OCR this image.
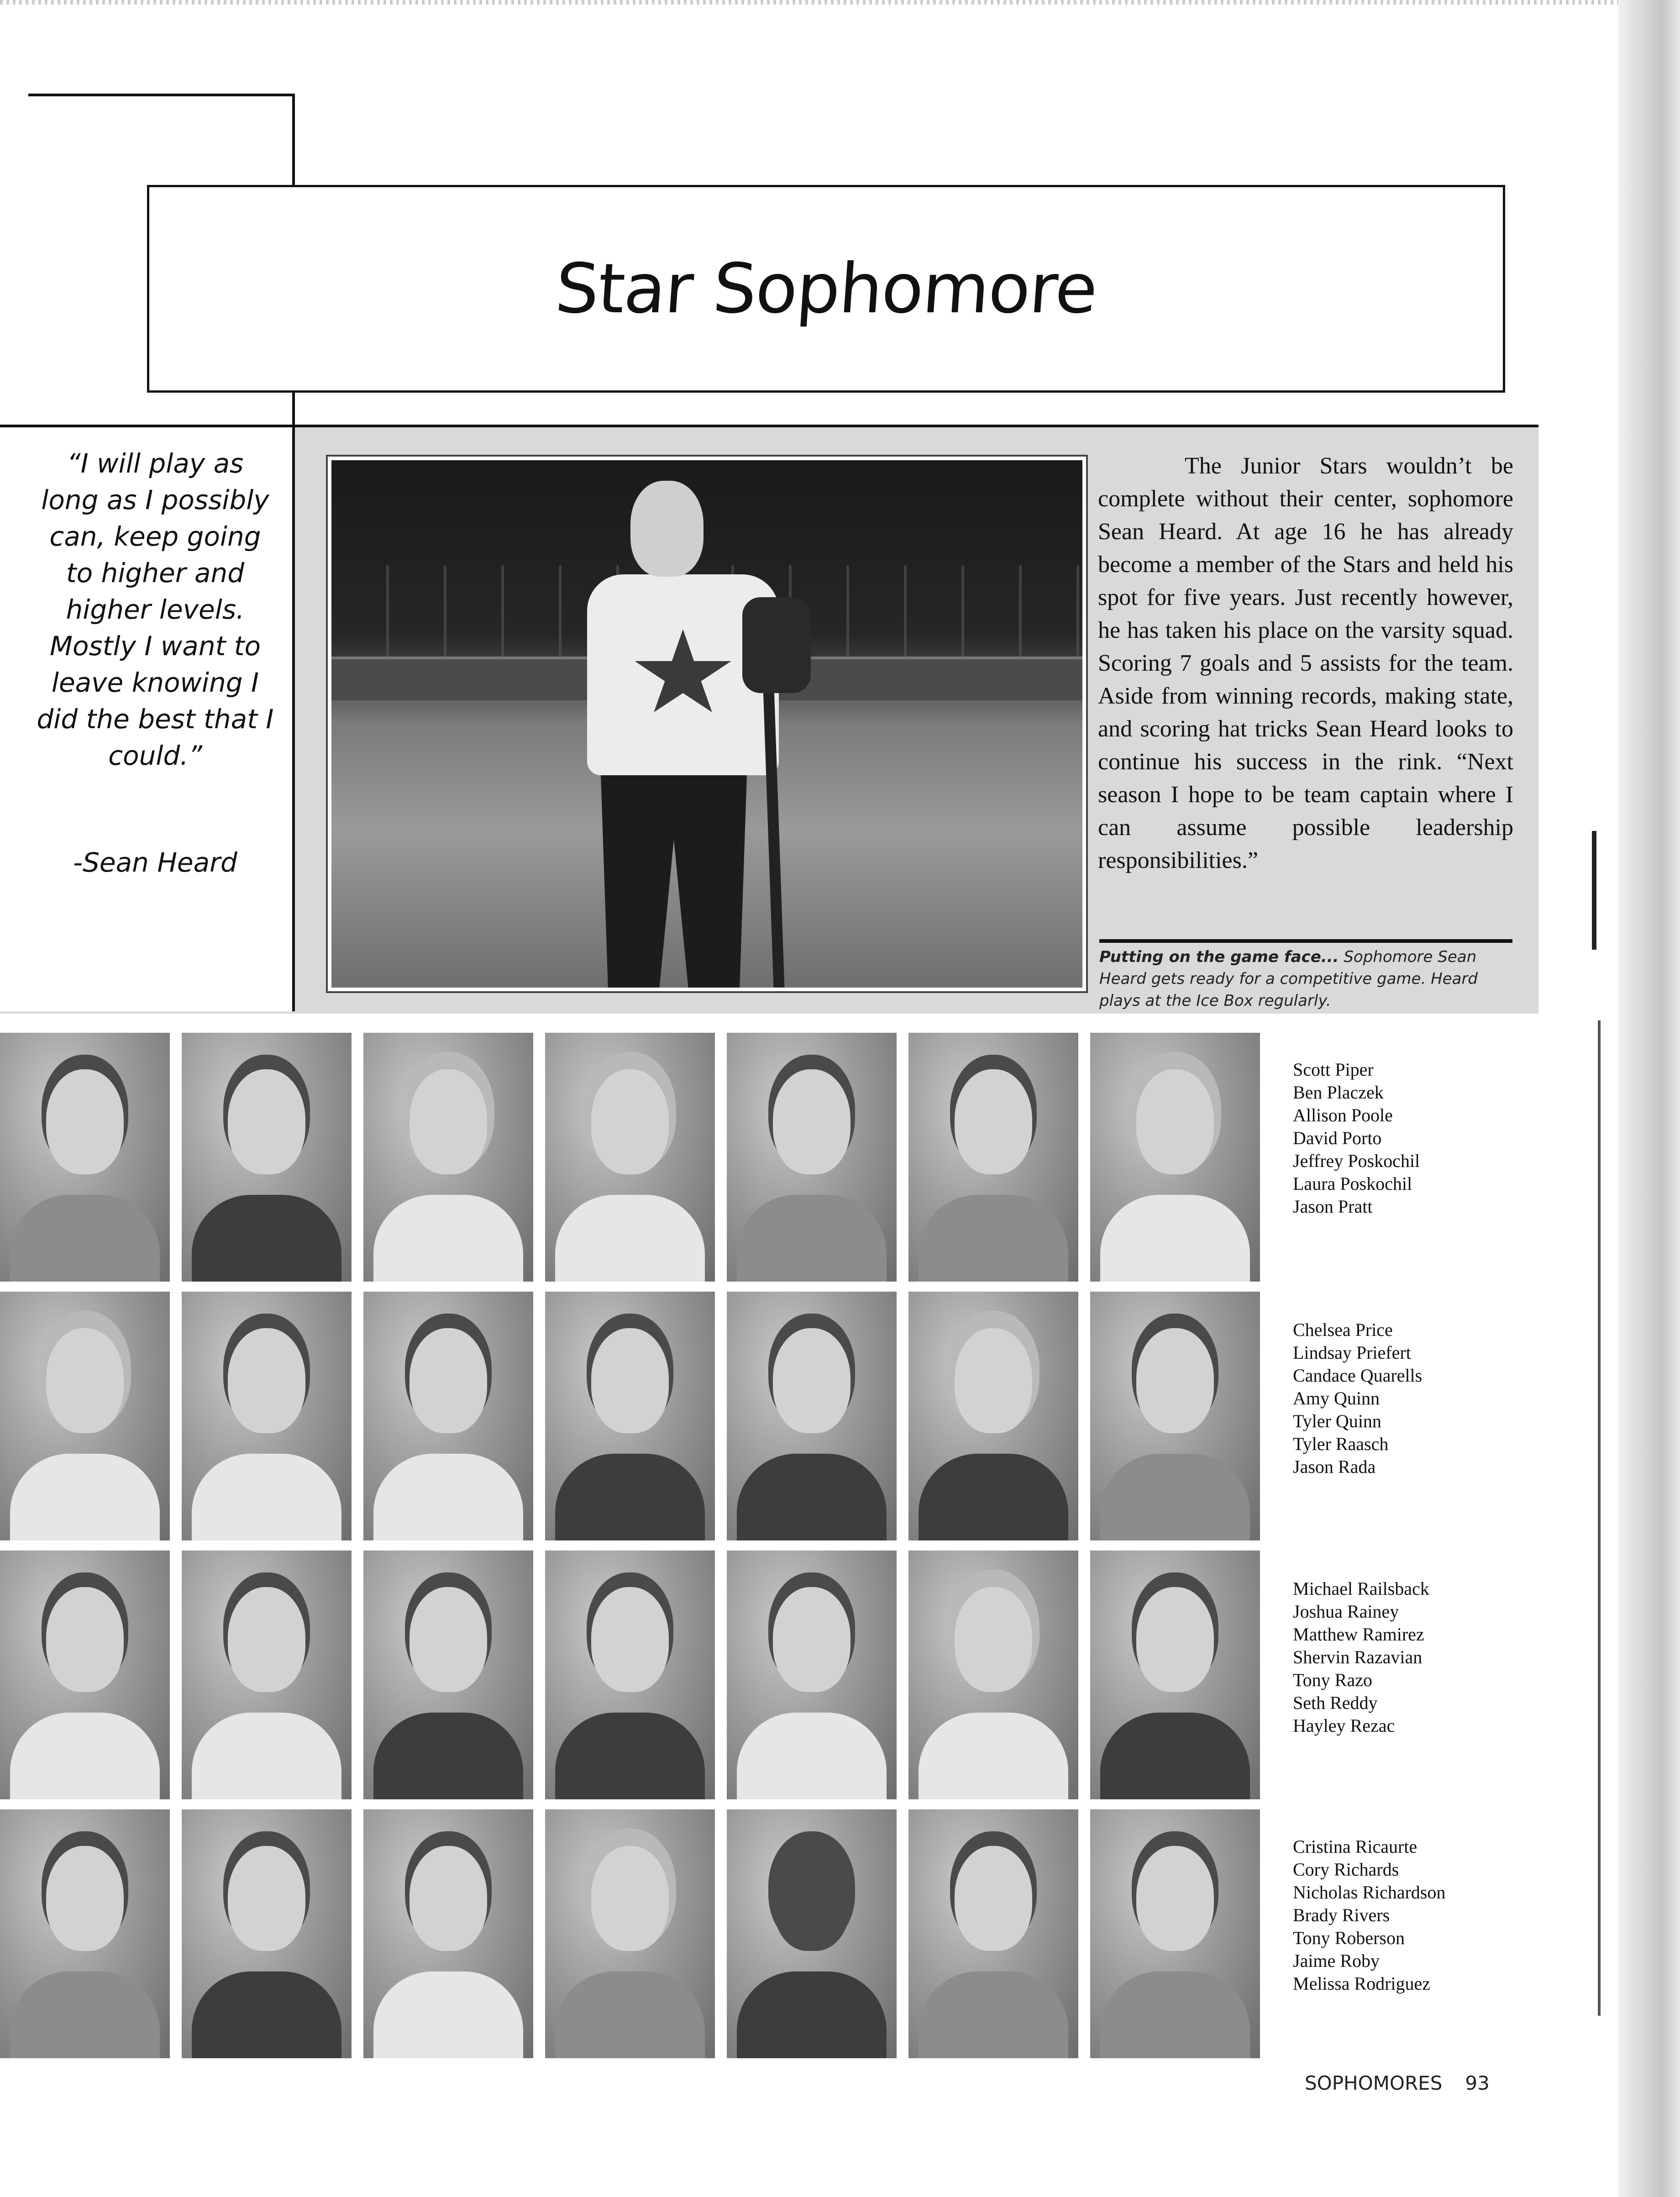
Star Sophomore
“I will play as long as I possibly can, keep going to higher and higher levels. Mostly I want to leave knowing I did the best that I could.”
-Sean Heard

The Junior Stars wouldn’t be complete without their center, sophomore Sean Heard. At age 16 he has already become a member of the Stars and held his spot for five years. Just recently however, he has taken his place on the varsity squad. Scoring 7 goals and 5 assists for the team. Aside from winning records, making state, and scoring hat tricks Sean Heard looks to continue his success in the rink. “Next season I hope to be team captain where I can assume possible leadership responsibilities.”

Putting on the game face... Sophomore Sean Heard gets ready for a competitive game. Heard plays at the Ice Box regularly.
Scott Piper
Ben Placzek
Allison Poole
David Porto
Jeffrey Poskochil
Laura Poskochil
Jason Pratt
Chelsea Price
Lindsay Priefert
Candace Quarells
Amy Quinn
Tyler Quinn
Tyler Raasch
Jason Rada
Michael Railsback
Joshua Rainey
Matthew Ramirez
Shervin Razavian
Tony Razo
Seth Reddy
Hayley Rezac
Cristina Ricaurte
Cory Richards
Nicholas Richardson
Brady Rivers
Tony Roberson
Jaime Roby
Melissa Rodriguez
SOPHOMORES 93
